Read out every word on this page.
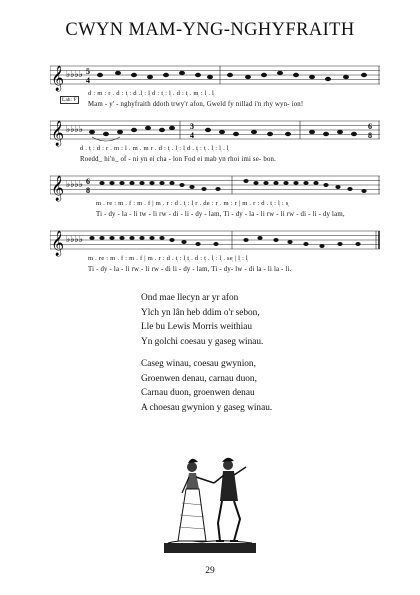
CWYN MAM-YNG-NGHYFRAITH
𝄞 ♭♭♭♭ 5
4
Lah: F
d : m : r . d : t̩ : d .l̩ : l̩ d : t̩ : l̩ . d : t̩ . m̩ : l̩ . l̩
Mam - y' - nghyfraith ddoth trwy'r afon, Gweld fy nillad i'n rhy wyn- ion!
𝄞 ♭♭♭♭	3
4
6
8
d . t̩ : d : r . m : l . m . m r . d : t̩ . l̩ : l̩ d . t̩ : t̩ . l̩ : l̩ . l̩
Roedd_ hi'n_ of - ni yn ei cha - lon Fod ei mab yn rhoi imi se- bon.
𝄞 ♭♭♭♭ 6
8
m . re : m . f : m . f | m . r : d . t̩ : l̩ r . de : r . m : r | m . r : d . t̩ : l̩ : s̩
Ti - dy - la - li tw - li rw - di - li - dy - lam, Ti - dy - la - li rw - li rw - di - li - dy lam,
𝄞 ♭♭♭♭
m . re : m . f : m . f | m . r : d . t̩ : l̩ t̩ . d : t̩ . l̩ : l̩ . se̩ | l̩ : l̩
Ti - dy - la - li rw - li rw - di li - dy - lam, Ti - dy- lw - di la - li la - li.
Ond mae llecyn ar yr afon
Ylch yn lân heb ddim o'r sebon,
Lle bu Lewis Morris weithiau
Yn golchi coesau y gaseg winau.
Caseg winau, coesau gwynion,
Groenwen denau, carnau duon,
Carnau duon, groenwen denau
A choesau gwynion y gaseg winau.
29
